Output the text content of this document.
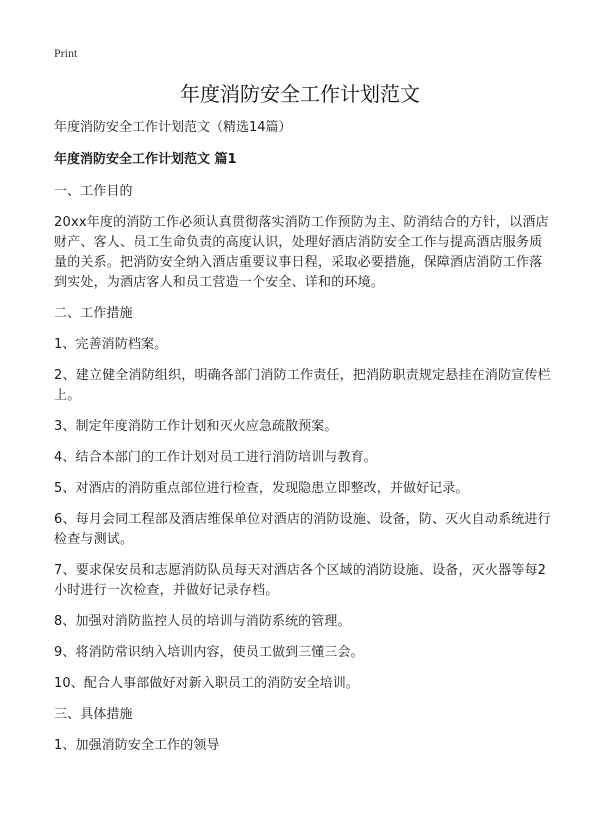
Print
年度消防安全工作计划范文

年度消防安全工作计划范文（精选14篇）

年度消防安全工作计划范文 篇1

一、工作目的

20xx年度的消防工作必须认真贯彻落实消防工作预防为主、防消结合的方针，以酒店财产、客人、员工生命负责的高度认识，处理好酒店消防安全工作与提高酒店服务质量的关系。把消防安全纳入酒店重要议事日程，采取必要措施，保障酒店消防工作落到实处，为酒店客人和员工营造一个安全、详和的环境。

二、工作措施

1、完善消防档案。

2、建立健全消防组织，明确各部门消防工作责任，把消防职责规定悬挂在消防宣传栏上。

3、制定年度消防工作计划和灭火应急疏散预案。

4、结合本部门的工作计划对员工进行消防培训与教育。

5、对酒店的消防重点部位进行检查，发现隐患立即整改，并做好记录。

6、每月会同工程部及酒店维保单位对酒店的消防设施、设备，防、灭火自动系统进行检查与测试。

7、要求保安员和志愿消防队员每天对酒店各个区域的消防设施、设备，灭火器等每2小时进行一次检查，并做好记录存档。

8、加强对消防监控人员的培训与消防系统的管理。

9、将消防常识纳入培训内容，使员工做到三懂三会。

10、配合人事部做好对新入职员工的消防安全培训。

三、具体措施

1、加强消防安全工作的领导
